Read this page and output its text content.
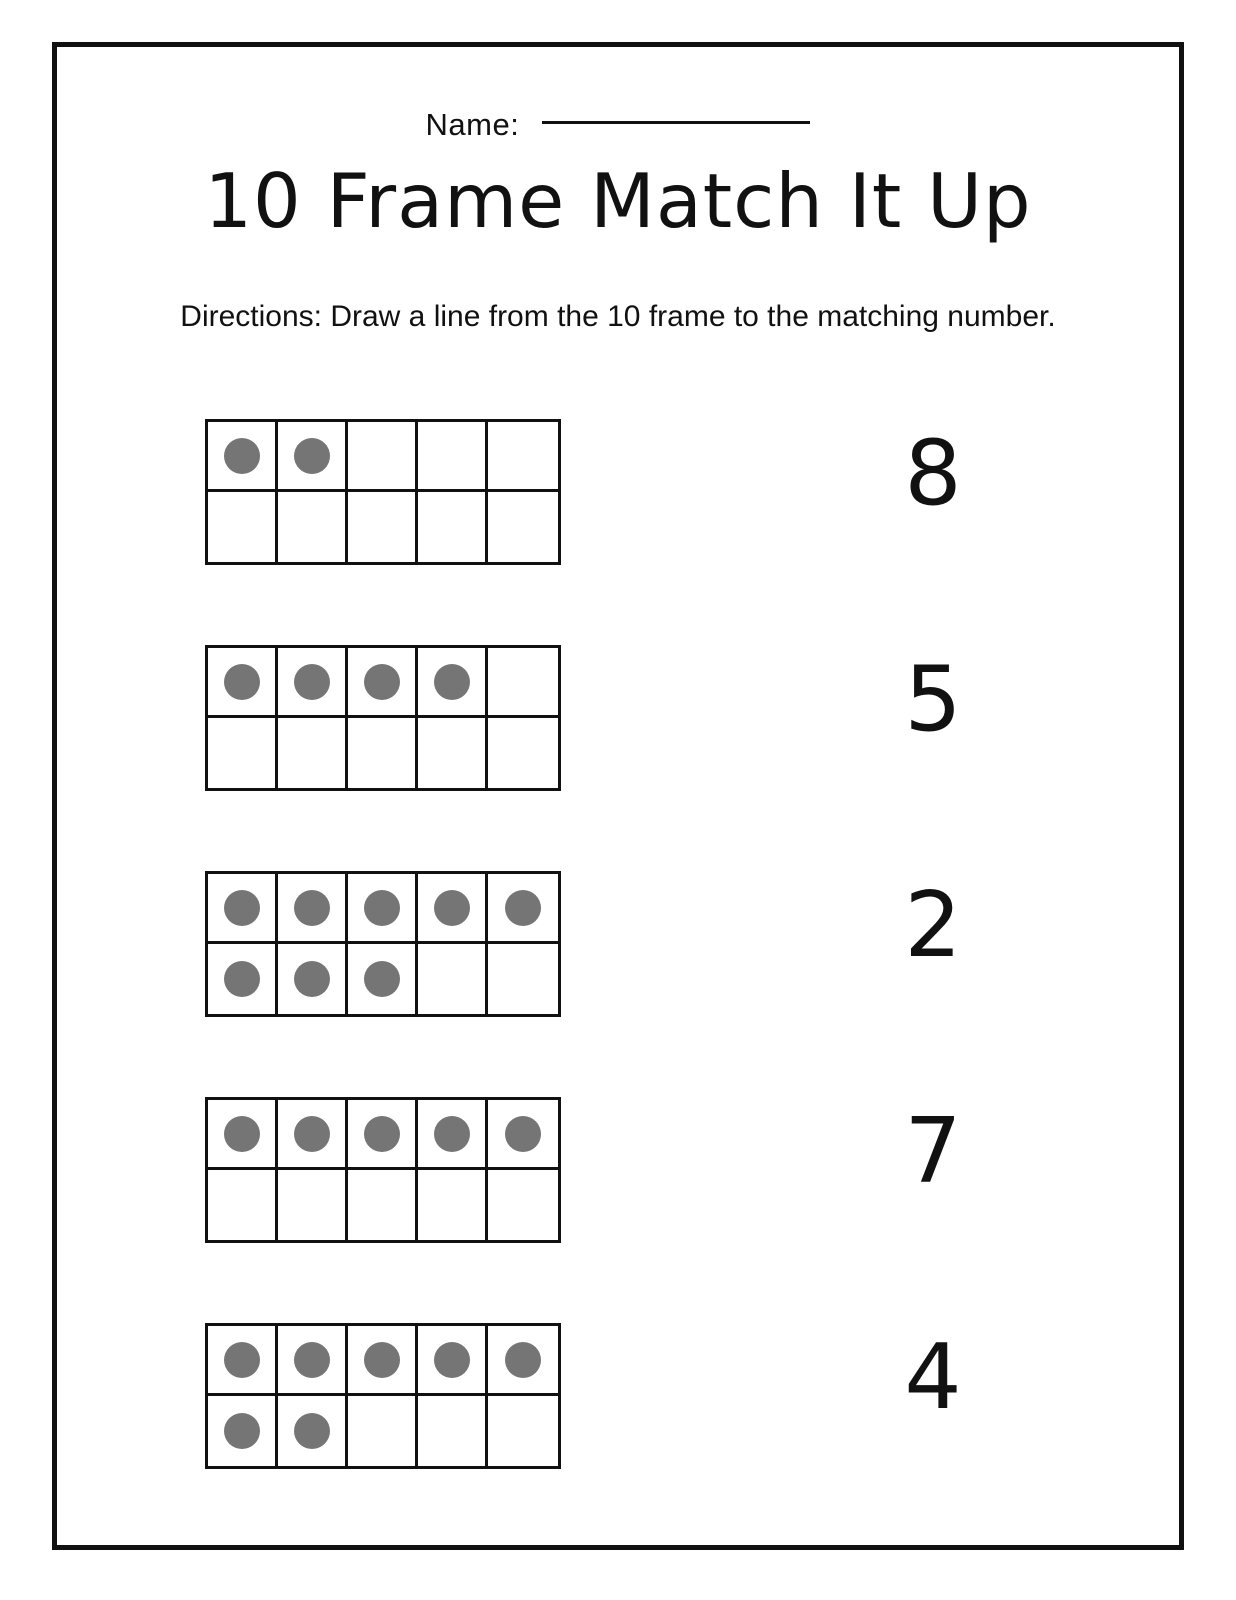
Name:
10 Frame Match It Up
Directions: Draw a line from the 10 frame to the matching number.
8
5
2
7
4
